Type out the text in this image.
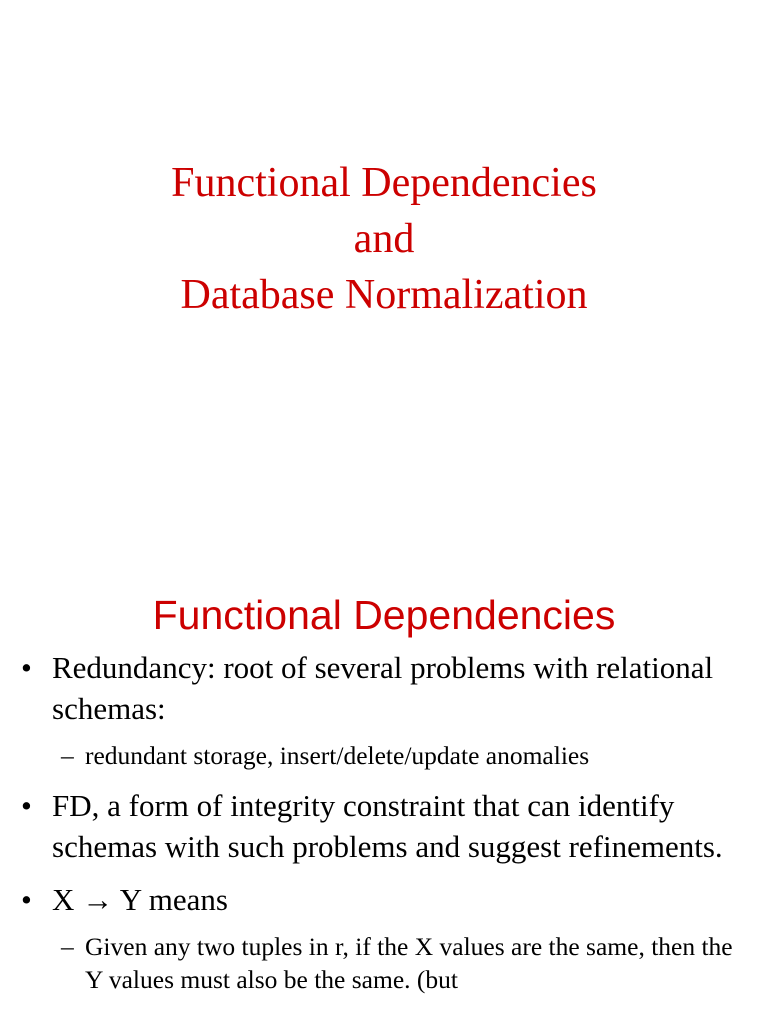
Functional Dependencies
and
Database Normalization
Functional Dependencies
• Redundancy: root of several problems with relational schemas:
– redundant storage, insert/delete/update anomalies
• FD, a form of integrity constraint that can identify schemas with such problems and suggest refinements.
• X → Y means
– Given any two tuples in r, if the X values are the same, then the Y values must also be the same. (but
